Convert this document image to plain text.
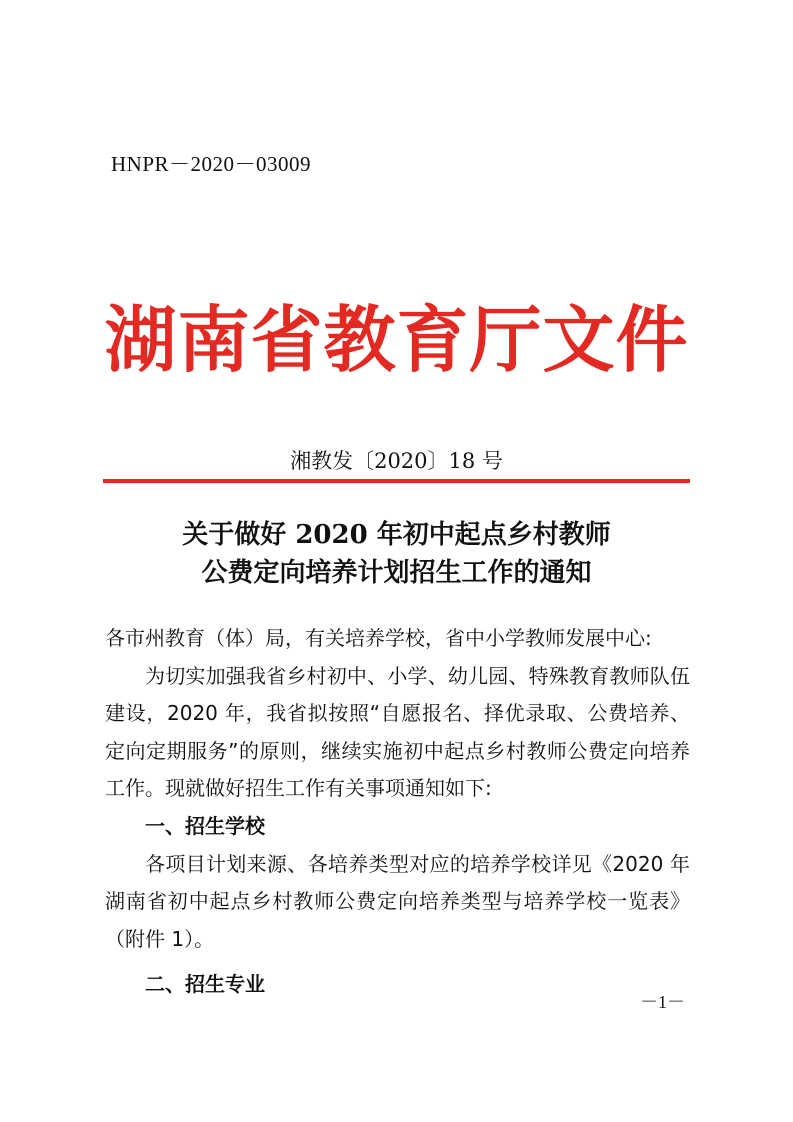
HNPR－2020－03009
湖南省教育厅文件
湘教发〔2020〕18 号
关于做好 2020 年初中起点乡村教师
公费定向培养计划招生工作的通知

各市州教育（体）局，有关培养学校，省中小学教师发展中心:

为切实加强我省乡村初中、小学、幼儿园、特殊教育教师队伍建设，2020 年，我省拟按照“自愿报名、择优录取、公费培养、定向定期服务”的原则，继续实施初中起点乡村教师公费定向培养工作。现就做好招生工作有关事项通知如下:

一、招生学校

各项目计划来源、各培养类型对应的培养学校详见《2020 年湖南省初中起点乡村教师公费定向培养类型与培养学校一览表》（附件 1）。

二、招生专业

－1－
